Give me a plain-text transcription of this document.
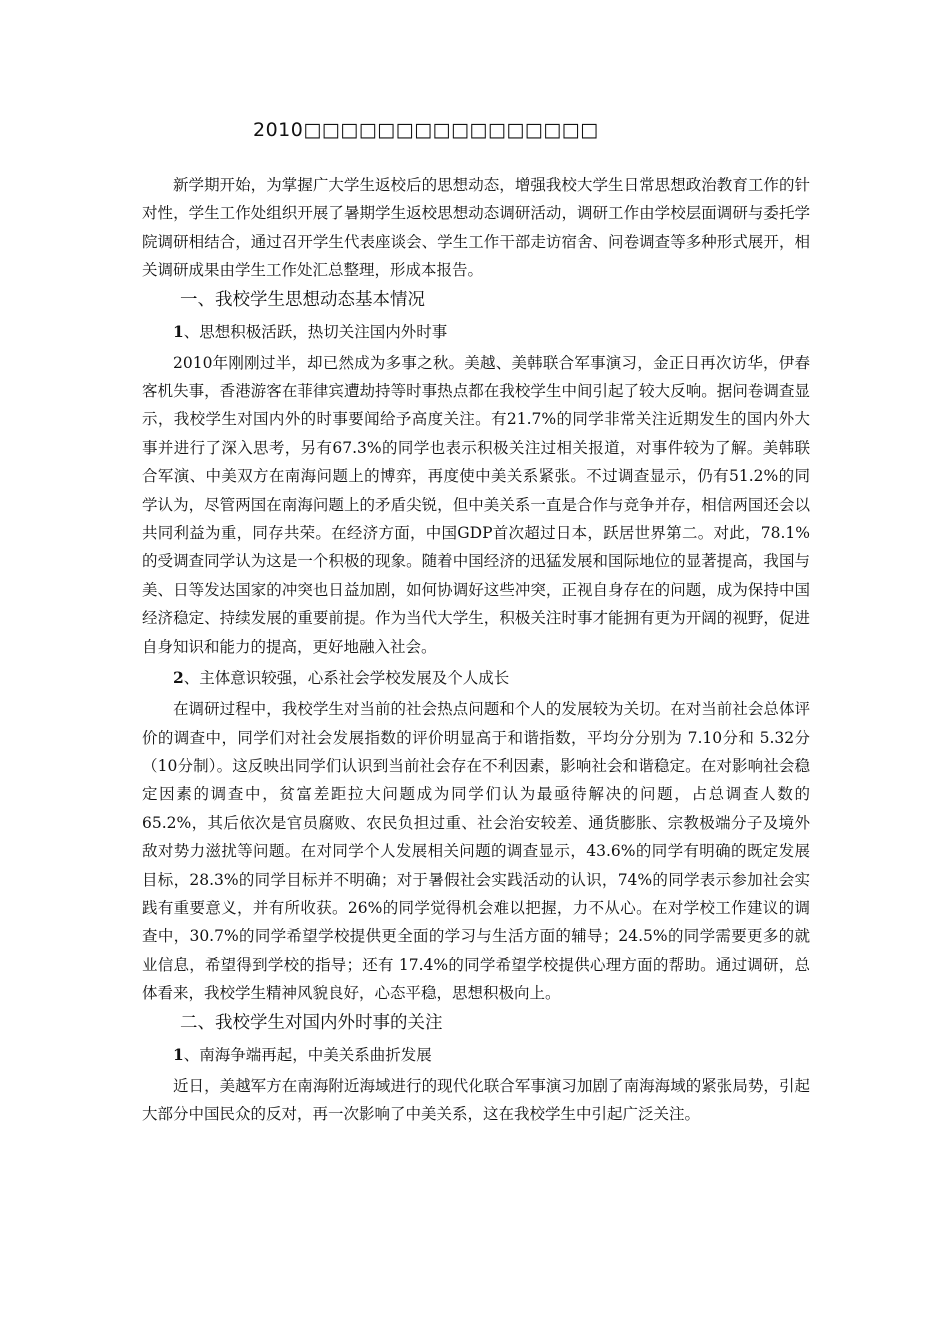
2010□□□□□□□□□□□□□□□□

新学期开始，为掌握广大学生返校后的思想动态，增强我校大学生日常思想政治教育工作的针对性，学生工作处组织开展了暑期学生返校思想动态调研活动，调研工作由学校层面调研与委托学院调研相结合，通过召开学生代表座谈会、学生工作干部走访宿舍、问卷调查等多种形式展开，相关调研成果由学生工作处汇总整理，形成本报告。

一、我校学生思想动态基本情况
1、思想积极活跃，热切关注国内外时事

2010年刚刚过半，却已然成为多事之秋。美越、美韩联合军事演习，金正日再次访华，伊春客机失事，香港游客在菲律宾遭劫持等时事热点都在我校学生中间引起了较大反响。据问卷调查显示，我校学生对国内外的时事要闻给予高度关注。有21.7%的同学非常关注近期发生的国内外大事并进行了深入思考，另有67.3%的同学也表示积极关注过相关报道，对事件较为了解。美韩联合军演、中美双方在南海问题上的博弈，再度使中美关系紧张。不过调查显示，仍有51.2%的同学认为，尽管两国在南海问题上的矛盾尖锐，但中美关系一直是合作与竞争并存，相信两国还会以共同利益为重，同存共荣。在经济方面，中国GDP首次超过日本，跃居世界第二。对此，78.1%的受调查同学认为这是一个积极的现象。随着中国经济的迅猛发展和国际地位的显著提高，我国与美、日等发达国家的冲突也日益加剧，如何协调好这些冲突，正视自身存在的问题，成为保持中国经济稳定、持续发展的重要前提。作为当代大学生，积极关注时事才能拥有更为开阔的视野，促进自身知识和能力的提高，更好地融入社会。

2、主体意识较强，心系社会学校发展及个人成长

在调研过程中，我校学生对当前的社会热点问题和个人的发展较为关切。在对当前社会总体评价的调查中，同学们对社会发展指数的评价明显高于和谐指数，平均分分别为 7.10分和 5.32分（10分制）。这反映出同学们认识到当前社会存在不利因素，影响社会和谐稳定。在对影响社会稳定因素的调查中，贫富差距拉大问题成为同学们认为最亟待解决的问题，占总调查人数的65.2%，其后依次是官员腐败、农民负担过重、社会治安较差、通货膨胀、宗教极端分子及境外敌对势力滋扰等问题。在对同学个人发展相关问题的调查显示，43.6%的同学有明确的既定发展目标，28.3%的同学目标并不明确；对于暑假社会实践活动的认识，74%的同学表示参加社会实践有重要意义，并有所收获。26%的同学觉得机会难以把握，力不从心。在对学校工作建议的调查中，30.7%的同学希望学校提供更全面的学习与生活方面的辅导；24.5%的同学需要更多的就业信息，希望得到学校的指导；还有 17.4%的同学希望学校提供心理方面的帮助。通过调研，总体看来，我校学生精神风貌良好，心态平稳，思想积极向上。

二、我校学生对国内外时事的关注
1、南海争端再起，中美关系曲折发展

近日，美越军方在南海附近海域进行的现代化联合军事演习加剧了南海海域的紧张局势，引起大部分中国民众的反对，再一次影响了中美关系，这在我校学生中引起广泛关注。
